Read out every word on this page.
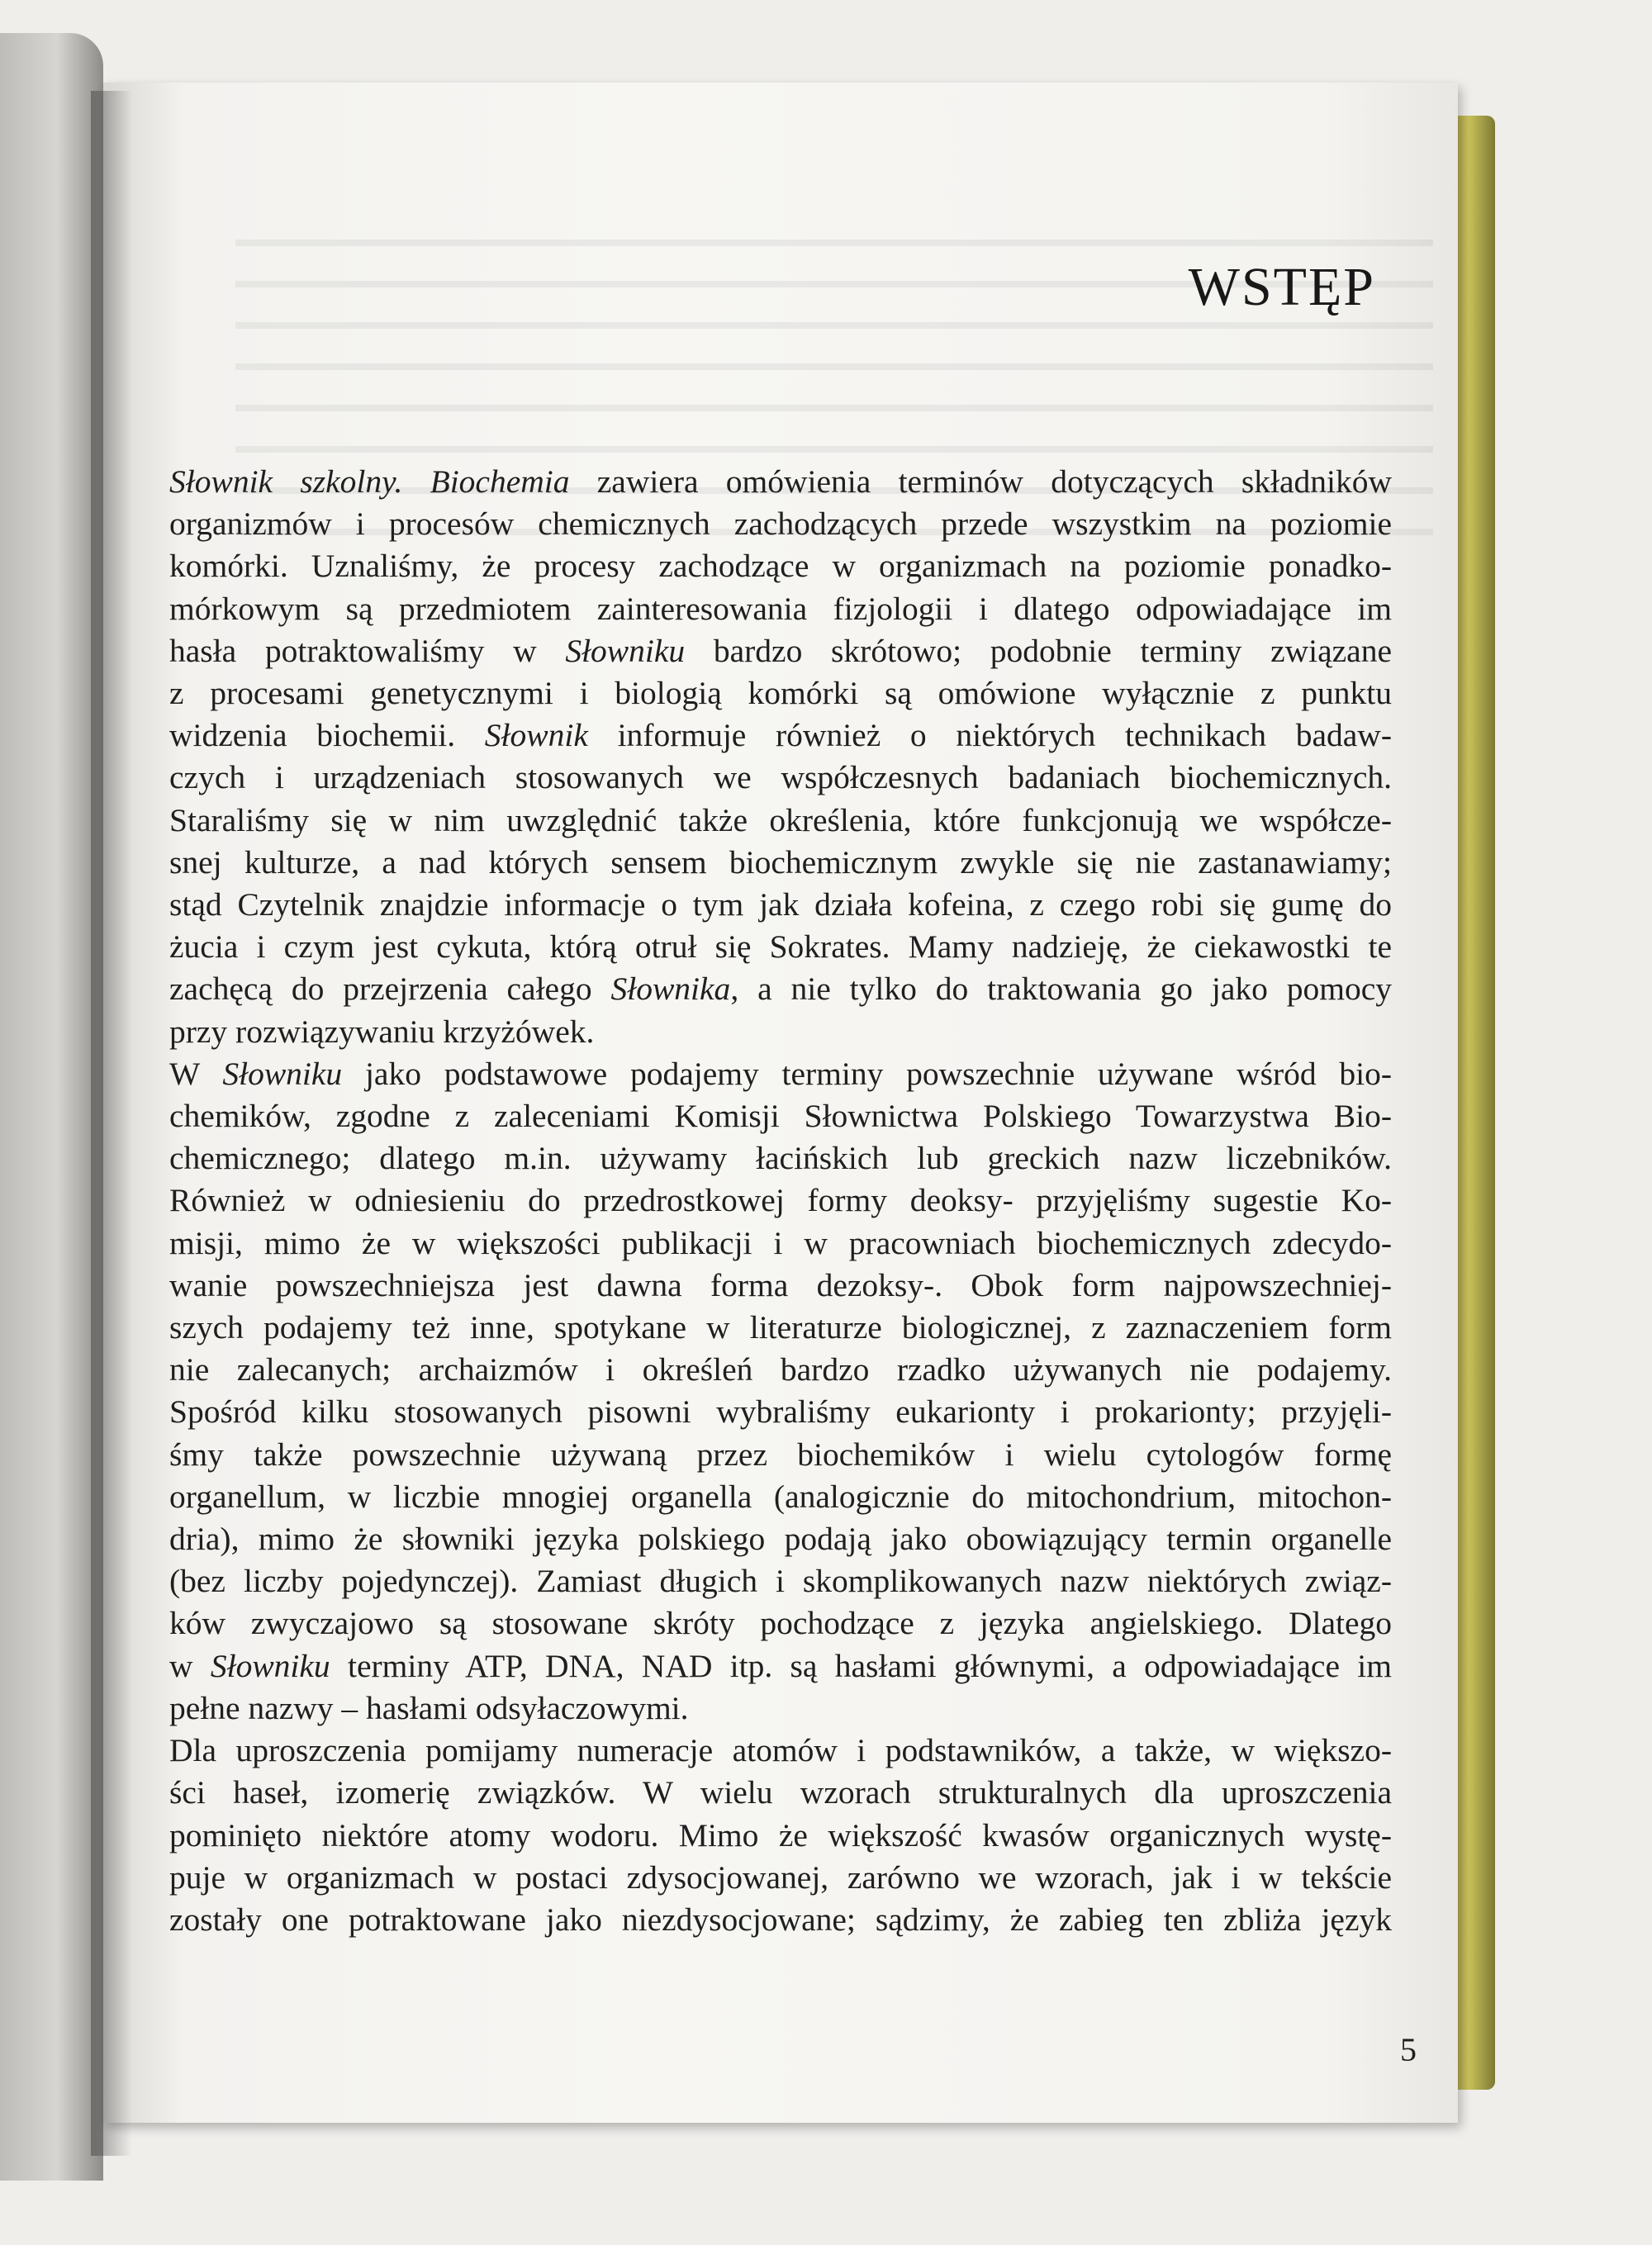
WSTĘP
Słownik szkolny. Biochemia zawiera omówienia terminów dotyczących składników
organizmów i procesów chemicznych zachodzących przede wszystkim na poziomie
komórki. Uznaliśmy, że procesy zachodzące w organizmach na poziomie ponadko-
mórkowym są przedmiotem zainteresowania fizjologii i dlatego odpowiadające im
hasła potraktowaliśmy w Słowniku bardzo skrótowo; podobnie terminy związane
z procesami genetycznymi i biologią komórki są omówione wyłącznie z punktu
widzenia biochemii. Słownik informuje również o niektórych technikach badaw-
czych i urządzeniach stosowanych we współczesnych badaniach biochemicznych.
Staraliśmy się w nim uwzględnić także określenia, które funkcjonują we współcze-
snej kulturze, a nad których sensem biochemicznym zwykle się nie zastanawiamy;
stąd Czytelnik znajdzie informacje o tym jak działa kofeina, z czego robi się gumę do
żucia i czym jest cykuta, którą otruł się Sokrates. Mamy nadzieję, że ciekawostki te
zachęcą do przejrzenia całego Słownika, a nie tylko do traktowania go jako pomocy
przy rozwiązywaniu krzyżówek.
W Słowniku jako podstawowe podajemy terminy powszechnie używane wśród bio-
chemików, zgodne z zaleceniami Komisji Słownictwa Polskiego Towarzystwa Bio-
chemicznego; dlatego m.in. używamy łacińskich lub greckich nazw liczebników.
Również w odniesieniu do przedrostkowej formy deoksy- przyjęliśmy sugestie Ko-
misji, mimo że w większości publikacji i w pracowniach biochemicznych zdecydo-
wanie powszechniejsza jest dawna forma dezoksy-. Obok form najpowszechniej-
szych podajemy też inne, spotykane w literaturze biologicznej, z zaznaczeniem form
nie zalecanych; archaizmów i określeń bardzo rzadko używanych nie podajemy.
Spośród kilku stosowanych pisowni wybraliśmy eukarionty i prokarionty; przyjęli-
śmy także powszechnie używaną przez biochemików i wielu cytologów formę
organellum, w liczbie mnogiej organella (analogicznie do mitochondrium, mitochon-
dria), mimo że słowniki języka polskiego podają jako obowiązujący termin organelle
(bez liczby pojedynczej). Zamiast długich i skomplikowanych nazw niektórych związ-
ków zwyczajowo są stosowane skróty pochodzące z języka angielskiego. Dlatego
w Słowniku terminy ATP, DNA, NAD itp. są hasłami głównymi, a odpowiadające im
pełne nazwy – hasłami odsyłaczowymi.
Dla uproszczenia pomijamy numeracje atomów i podstawników, a także, w większo-
ści haseł, izomerię związków. W wielu wzorach strukturalnych dla uproszczenia
pominięto niektóre atomy wodoru. Mimo że większość kwasów organicznych wystę-
puje w organizmach w postaci zdysocjowanej, zarówno we wzorach, jak i w tekście
zostały one potraktowane jako niezdysocjowane; sądzimy, że zabieg ten zbliża język
5
